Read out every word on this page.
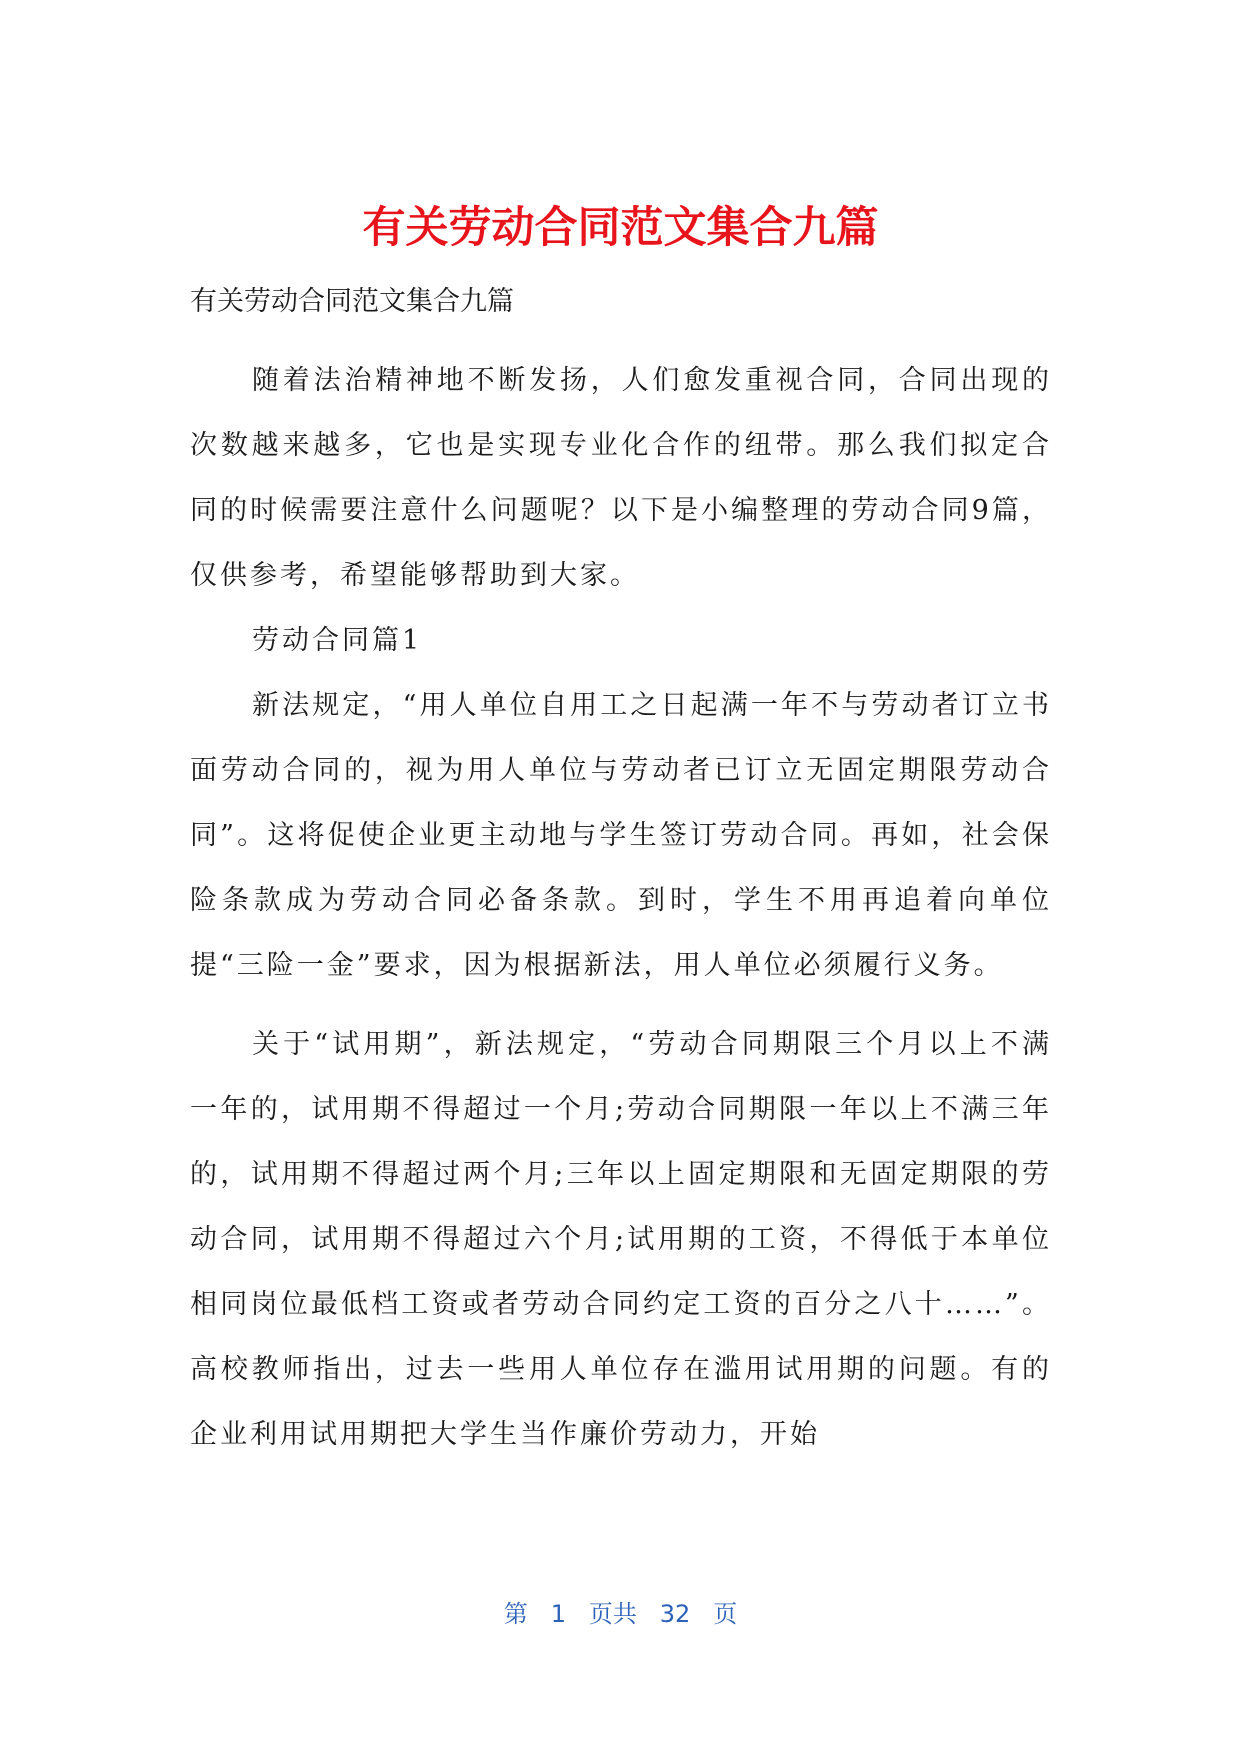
有关劳动合同范文集合九篇

有关劳动合同范文集合九篇

随着法治精神地不断发扬，人们愈发重视合同，合同出现的次数越来越多，它也是实现专业化合作的纽带。那么我们拟定合同的时候需要注意什么问题呢？以下是小编整理的劳动合同9篇，仅供参考，希望能够帮助到大家。

劳动合同篇1

新法规定，“用人单位自用工之日起满一年不与劳动者订立书面劳动合同的，视为用人单位与劳动者已订立无固定期限劳动合同”。这将促使企业更主动地与学生签订劳动合同。再如，社会保险条款成为劳动合同必备条款。到时，学生不用再追着向单位提“三险一金”要求，因为根据新法，用人单位必须履行义务。

关于“试用期”，新法规定，“劳动合同期限三个月以上不满一年的，试用期不得超过一个月;劳动合同期限一年以上不满三年的，试用期不得超过两个月;三年以上固定期限和无固定期限的劳动合同，试用期不得超过六个月;试用期的工资，不得低于本单位相同岗位最低档工资或者劳动合同约定工资的百分之八十……”。高校教师指出，过去一些用人单位存在滥用试用期的问题。有的企业利用试用期把大学生当作廉价劳动力，开始

第 1 页共 32 页
